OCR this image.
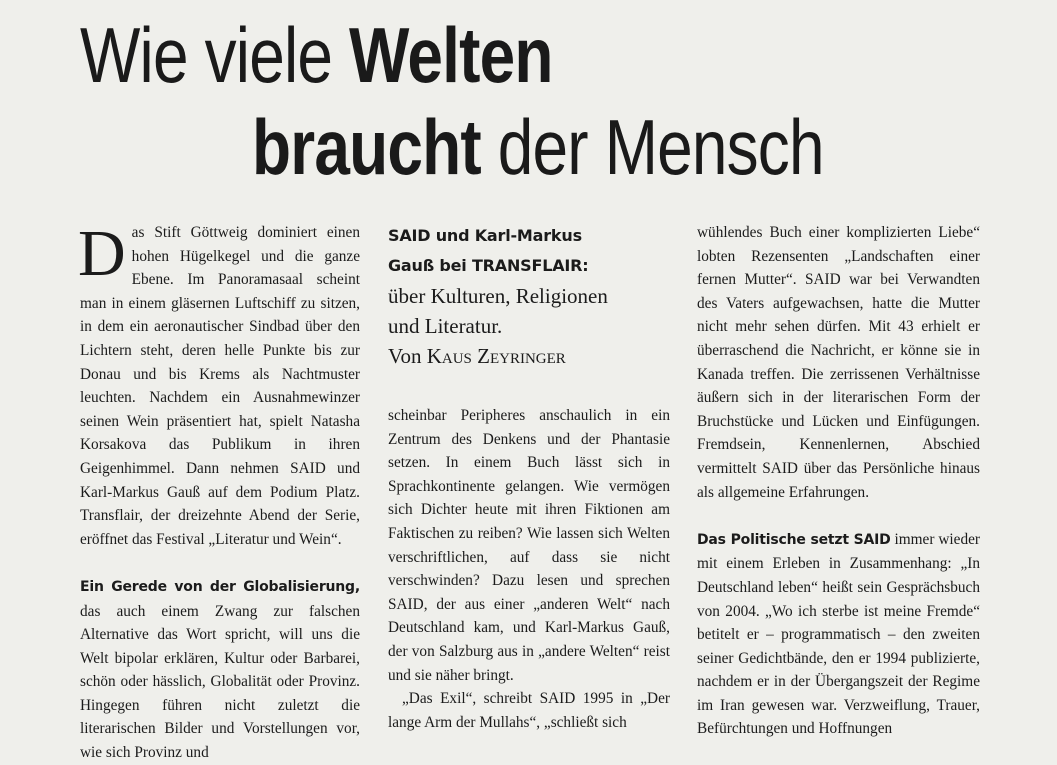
Wie viele Welten
braucht der Mensch

Das Stift Göttweig dominiert einen hohen Hügelkegel und die ganze Ebene. Im Panoramasaal scheint man in einem gläsernen Luftschiff zu sitzen, in dem ein aeronautischer Sindbad über den Lichtern steht, deren helle Punkte bis zur Donau und bis Krems als Nachtmuster leuchten. Nachdem ein Ausnahmewinzer seinen Wein präsentiert hat, spielt Natasha Korsakova das Publikum in ihren Geigenhimmel. Dann nehmen SAID und Karl-Markus Gauß auf dem Podium Platz. Transflair, der dreizehnte Abend der Serie, eröffnet das Festival „Literatur und Wein“.

Ein Gerede von der Globalisierung, das auch einem Zwang zur falschen Alternative das Wort spricht, will uns die Welt bipolar erklären, Kultur oder Barbarei, schön oder hässlich, Globalität oder Provinz. Hingegen führen nicht zuletzt die literarischen Bilder und Vorstellungen vor, wie sich Provinz und

SAID und Karl-Markus
Gauß bei TRANSFLAIR:
über Kulturen, Religionen
und Literatur.
Von Kaus Zeyringer

scheinbar Peripheres anschaulich in ein Zentrum des Denkens und der Phantasie setzen. In einem Buch lässt sich in Sprachkontinente gelangen. Wie vermögen sich Dichter heute mit ihren Fiktionen am Faktischen zu reiben? Wie lassen sich Welten verschriftlichen, auf dass sie nicht verschwinden? Dazu lesen und sprechen SAID, der aus einer „anderen Welt“ nach Deutschland kam, und Karl-Markus Gauß, der von Salzburg aus in „andere Welten“ reist und sie näher bringt.

„Das Exil“, schreibt SAID 1995 in „Der lange Arm der Mullahs“, „schließt sich

wühlendes Buch einer komplizierten Liebe“ lobten Rezensenten „Landschaften einer fernen Mutter“. SAID war bei Verwandten des Vaters aufgewachsen, hatte die Mutter nicht mehr sehen dürfen. Mit 43 erhielt er überraschend die Nachricht, er könne sie in Kanada treffen. Die zerrissenen Verhältnisse äußern sich in der literarischen Form der Bruchstücke und Lücken und Einfügungen. Fremdsein, Kennenlernen, Abschied vermittelt SAID über das Persönliche hinaus als allgemeine Erfahrungen.

Das Politische setzt SAID immer wieder mit einem Erleben in Zusammenhang: „In Deutschland leben“ heißt sein Gesprächsbuch von 2004. „Wo ich sterbe ist meine Fremde“ betitelt er – programmatisch – den zweiten seiner Gedichtbände, den er 1994 publizierte, nachdem er in der Übergangszeit der Regime im Iran gewesen war. Verzweiflung, Trauer, Befürchtungen und Hoffnungen
